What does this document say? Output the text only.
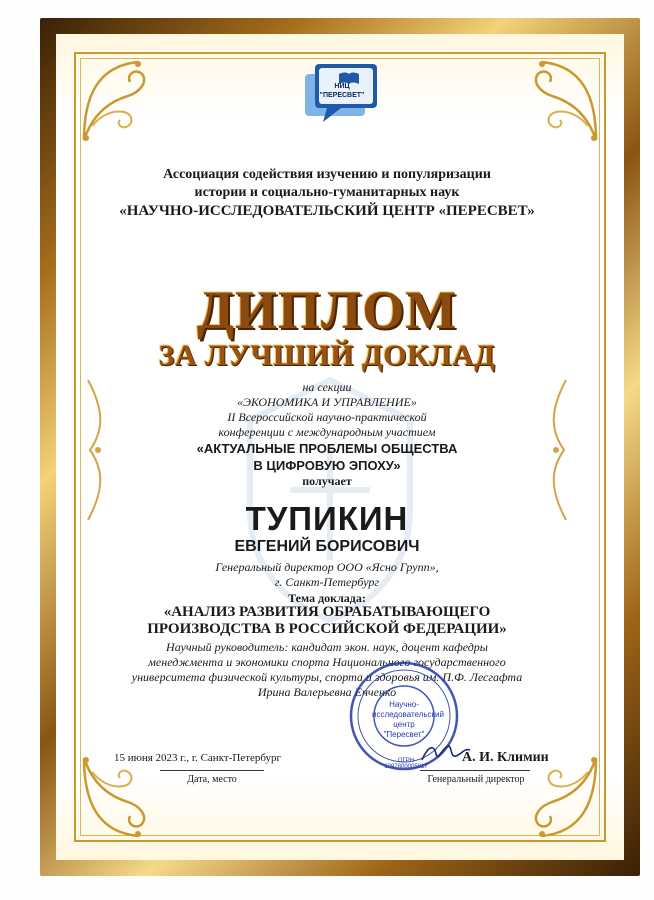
НИЦ
"ПЕРЕСВЕТ"
Ассоциация содействия изучению и популяризации
истории и социально-гуманитарных наук
«НАУЧНО-ИССЛЕДОВАТЕЛЬСКИЙ ЦЕНТР «ПЕРЕСВЕТ»
ДИПЛОМ
ЗА ЛУЧШИЙ ДОКЛАД
на секции
«ЭКОНОМИКА И УПРАВЛЕНИЕ»
II Всероссийской научно-практической
конференции с международным участием
«АКТУАЛЬНЫЕ ПРОБЛЕМЫ ОБЩЕСТВА
В ЦИФРОВУЮ ЭПОХУ»
получает
ТУПИКИН
ЕВГЕНИЙ БОРИСОВИЧ
Генеральный директор ООО «Ясно Групп»,
г. Санкт-Петербург
Тема доклада:
«АНАЛИЗ РАЗВИТИЯ ОБРАБАТЫВАЮЩЕГО
ПРОИЗВОДСТВА В РОССИЙСКОЙ ФЕДЕРАЦИИ»
Научный руководитель: кандидат экон. наук, доцент кафедры
менеджмента и экономики спорта Национального государственного
университета физической культуры, спорта и здоровья им. П.Ф. Лесгафта
Ирина Валерьевна Енченко
Научно-
исследовательский
центр
"Пересвет"
ОГРН 1097800005817
15 июня 2023 г., г. Санкт-Петербург
Дата, место
А. И. Климин
Генеральный директор
